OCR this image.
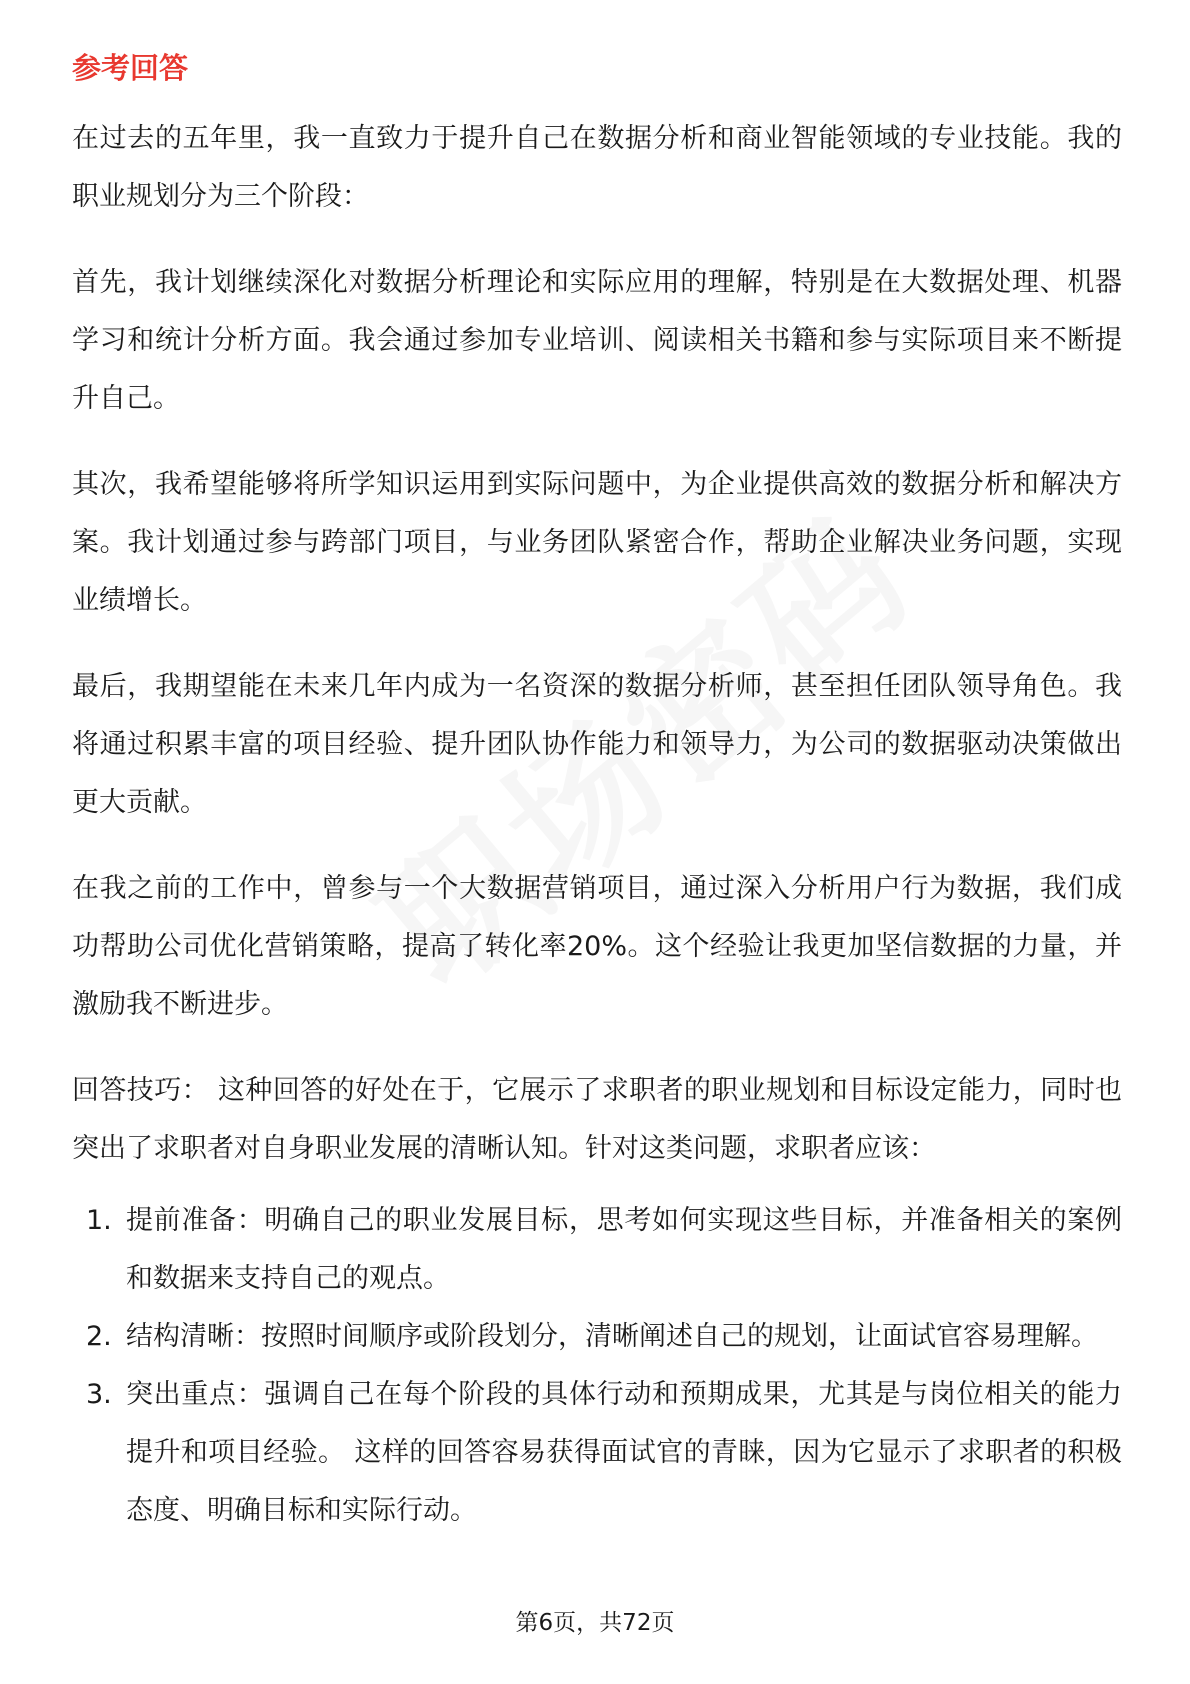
参考回答

在过去的五年里，我一直致力于提升自己在数据分析和商业智能领域的专业技能。我的职业规划分为三个阶段：

首先，我计划继续深化对数据分析理论和实际应用的理解，特别是在大数据处理、机器学习和统计分析方面。我会通过参加专业培训、阅读相关书籍和参与实际项目来不断提升自己。

其次，我希望能够将所学知识运用到实际问题中，为企业提供高效的数据分析和解决方案。我计划通过参与跨部门项目，与业务团队紧密合作，帮助企业解决业务问题，实现业绩增长。

最后，我期望能在未来几年内成为一名资深的数据分析师，甚至担任团队领导角色。我将通过积累丰富的项目经验、提升团队协作能力和领导力，为公司的数据驱动决策做出更大贡献。

在我之前的工作中，曾参与一个大数据营销项目，通过深入分析用户行为数据，我们成功帮助公司优化营销策略，提高了转化率20%。这个经验让我更加坚信数据的力量，并激励我不断进步。

回答技巧： 这种回答的好处在于，它展示了求职者的职业规划和目标设定能力，同时也突出了求职者对自身职业发展的清晰认知。针对这类问题，求职者应该：

1. 提前准备：明确自己的职业发展目标，思考如何实现这些目标，并准备相关的案例和数据来支持自己的观点。
2. 结构清晰：按照时间顺序或阶段划分，清晰阐述自己的规划，让面试官容易理解。
3. 突出重点：强调自己在每个阶段的具体行动和预期成果，尤其是与岗位相关的能力提升和项目经验。 这样的回答容易获得面试官的青睐，因为它显示了求职者的积极态度、明确目标和实际行动。
第6页，共72页
